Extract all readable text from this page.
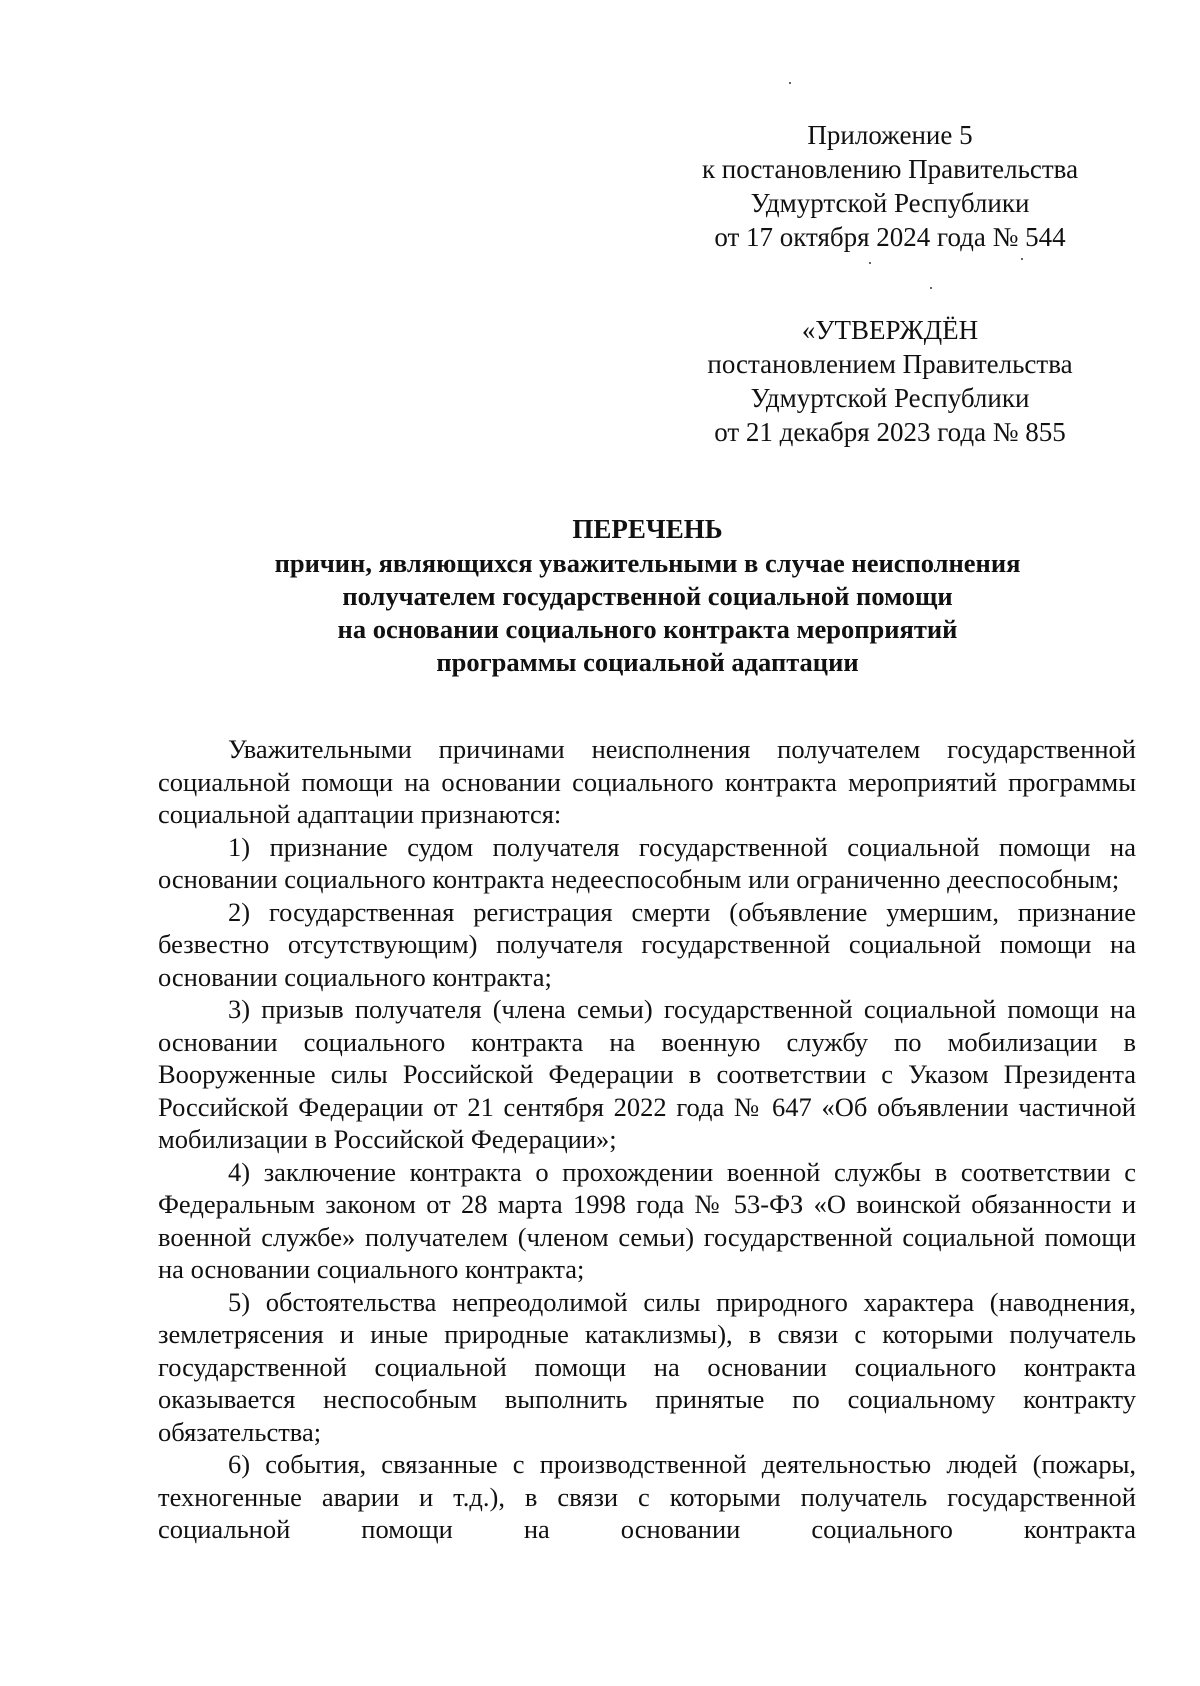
Приложение 5
к постановлению Правительства
Удмуртской Республики
от 17 октября 2024 года № 544
«УТВЕРЖДЁН
постановлением Правительства
Удмуртской Республики
от 21 декабря 2023 года № 855
ПЕРЕЧЕНЬ
причин, являющихся уважительными в случае неисполнения
получателем государственной социальной помощи
на основании социального контракта мероприятий
программы социальной адаптации

Уважительными причинами неисполнения получателем государственной социальной помощи на основании социального контракта мероприятий программы социальной адаптации признаются:

1) признание судом получателя государственной социальной помощи на основании социального контракта недееспособным или ограниченно дееспособным;

2) государственная регистрация смерти (объявление умершим, признание безвестно отсутствующим) получателя государственной социальной помощи на основании социального контракта;

3) призыв получателя (члена семьи) государственной социальной помощи на основании социального контракта на военную службу по мобилизации в Вооруженные силы Российской Федерации в соответствии с Указом Президента Российской Федерации от 21 сентября 2022 года № 647 «Об объявлении частичной мобилизации в Российской Федерации»;

4) заключение контракта о прохождении военной службы в соответствии с Федеральным законом от 28 марта 1998 года № 53-ФЗ «О воинской обязанности и военной службе» получателем (членом семьи) государственной социальной помощи на основании социального контракта;

5) обстоятельства непреодолимой силы природного характера (наводнения, землетрясения и иные природные катаклизмы), в связи с которыми получатель государственной социальной помощи на основании социального контракта оказывается неспособным выполнить принятые по социальному контракту обязательства;

6) события, связанные с производственной деятельностью людей (пожары, техногенные аварии и т.д.), в связи с которыми получатель государственной социальной помощи на основании социального контракта
